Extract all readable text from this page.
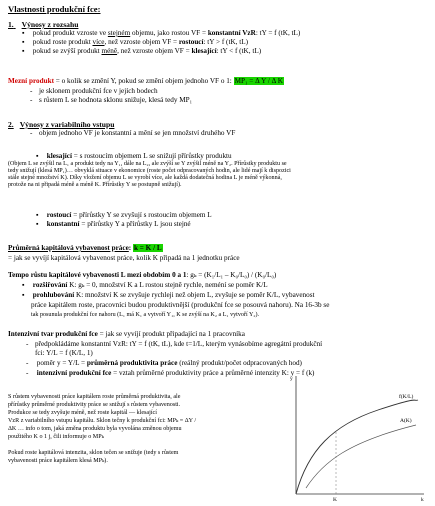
Vlastnosti produkční fce:
1. Výnosy z rozsahu
▪ pokud produkt vzroste ve stejném objemu, jako rostou VF = konstantní VzR: tY = f (tK, tL)
▪ pokud roste produkt více, než vzroste objem VF = rostoucí: tY > f (tK, tL)
▪ pokud se zvýší produkt méně, než vzroste objem VF = klesající: tY < f (tK, tL)
Mezní produkt = o kolik se změní Y, pokud se změní objem jednoho VF o 1: MP₁ = Δ Y / Δ K
- je sklonem produkční fce v jejích bodech
- s růstem L se hodnota sklonu snižuje, klesá tedy MP₁
2. Výnosy z variabilního vstupu
- objem jednoho VF je konstantní a mění se jen množství druhého VF
▪ klesající = s rostoucím objemem L se snižují přírůstky produktu
(Objem L se zvýšil na L₁ a produkt tedy na Y₁, dále na L₂, ale zvýší se Y zvýšil méně na Y₂. Přírůstky produktu se
tedy snižují (klesá MP₁)… obvyklá situace v ekonomice (roste počet odpracovaných hodin, ale lidé mají k dispozici
stále stejné množství K). Díky vložení objemu L se vyrobí více, ale každá dodatečná hodina L je méně výkonná,
protože na ni připadá méně a méně K. Přírůstky Y se postupně snižují).
▪ rostoucí = přírůstky Y se zvyšují s rostoucím objemem L
▪ konstantní = přírůstky Y a přírůstky L jsou stejné
Průměrná kapitálová vybavenost práce: k = K / L
= jak se vyvíjí kapitálová vybavenost práce, kolik K připadá na 1 jednotku práce
Tempo růstu kapitálové vybavenosti L mezi obdobím 0 a 1: gₖ = (K₁/L₁ – K₀/L₀) / (K₀/L₀)
▪ rozšiřování K: gₖ = 0, množství K a L rostou stejně rychle, neméní se poměr K/L
▪ prohlubování K: množství K se zvyšuje rychleji než objem L, zvyšuje se poměr K/L, vybavenost
práce kapitálem roste, pracovníci budou produktivnější (produkční fce se posouvá nahoru). Na 16-3b se
tak posunula produkční fce nahoru (L₁ má K₁ a vytvoří Y₁, K se zvýší na K₂ a L₁ vytvoří Y₂).
Intenzivní tvar produkční fce = jak se vyvíjí produkt připadající na 1 pracovníka
- předpokládáme konstantní VzR: tY = f (tK, tL), kde t=1/L, kterým vynásobíme agregátní produkční
fci: Y/L = f (K/L, 1)
- poměr y = Y/L = průměrná produktivita práce (reálný produkt/počet odpracovaných hod)
- intenzivní produkční fce = vztah průměrné produktivity práce a průměrné intenzity K: y = f (k)
S růstem vybavenosti práce kapitálem roste průměrná produktivita, ale
přírůstky průměrné produktivity práce se snižují s růstem vybavenosti.
Produkce se tedy zvyšuje méně, než roste kapitál — klesající
VzR z variabilního vstupu kapitálu. Sklon tečny k produkční fci: MPₖ = ΔY /
ΔK … info o tom, jaká změna produktu byla vyvolána změnou objemu
použitého K o 1 j, čili informuje o MPₖ
Pokud roste kapitálová intenzita, sklon tečen se snižuje (tedy s růstem
vybavenosti práce kapitálem klesá MPₖ).
f(K/L)
A(K)
y
k
K
